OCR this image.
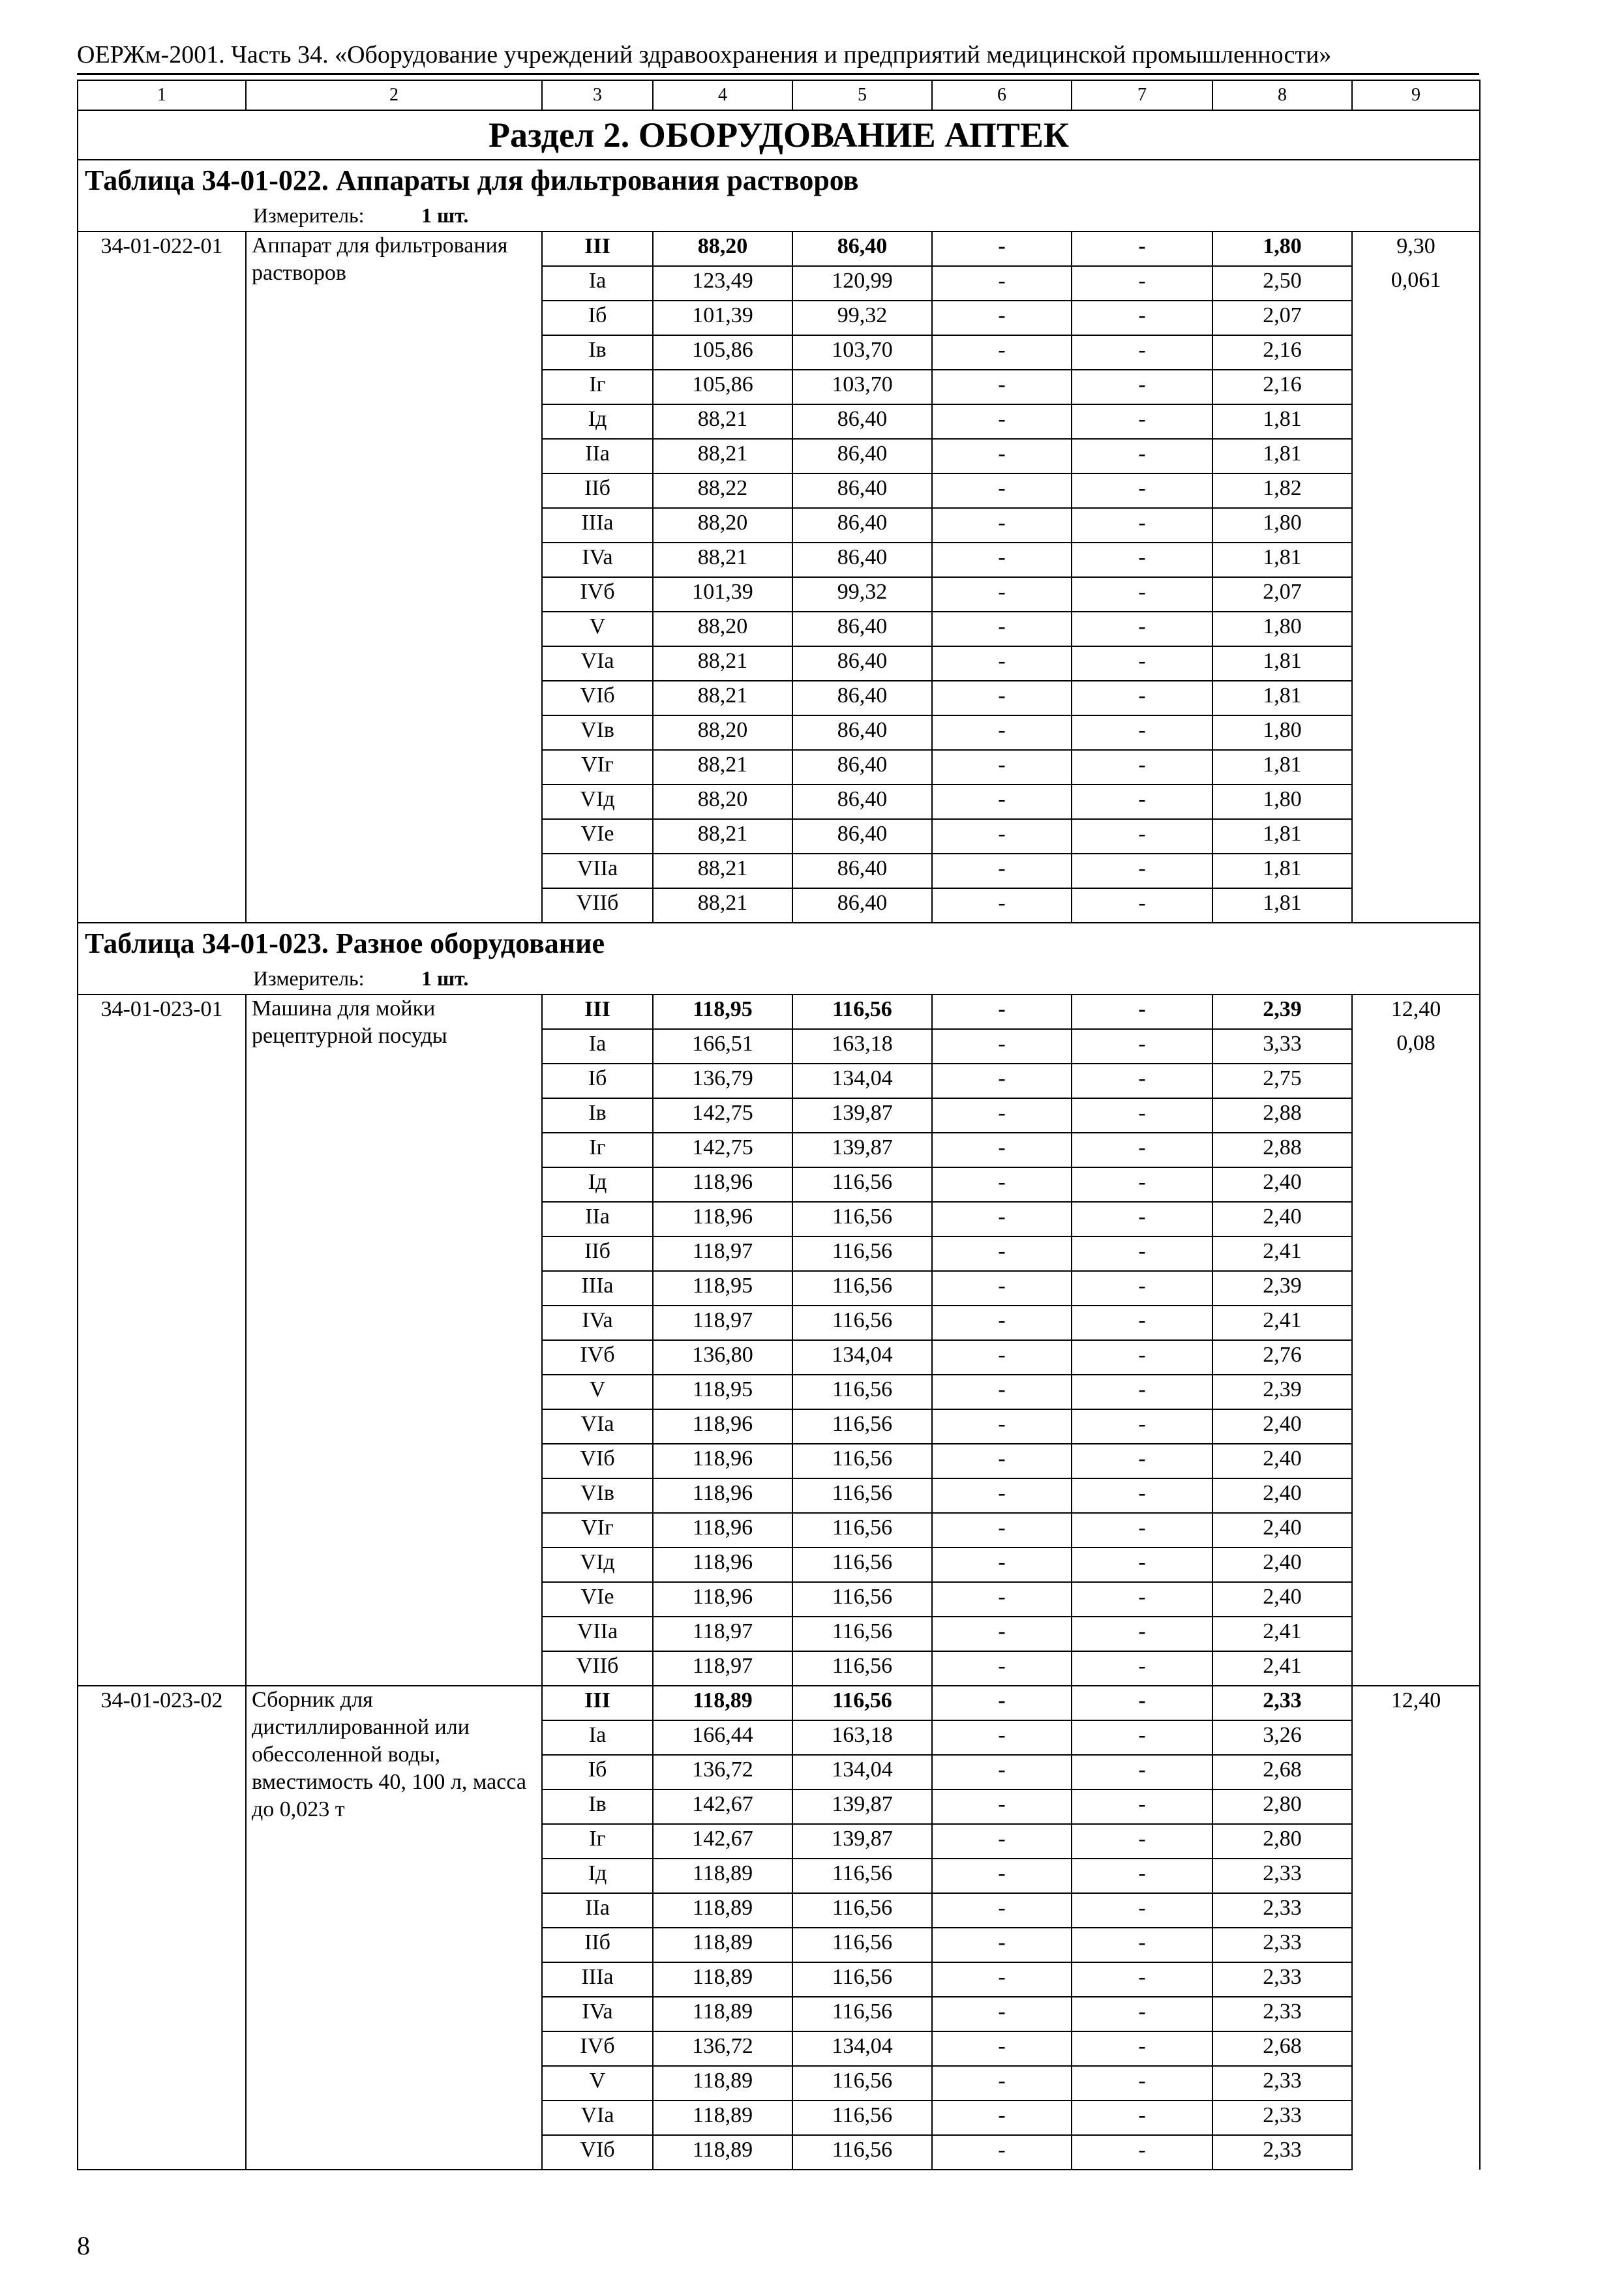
ОЕРЖм-2001. Часть 34. «Оборудование учреждений здравоохранения и предприятий медицинской промышленности»
1	2	3	4	5	6	7	8	9
Раздел 2. ОБОРУДОВАНИЕ АПТЕК								
Таблица 34-01-022. Аппараты для фильтрования растворов								
Измеритель: 1 шт.								
34-01-022-01	Аппарат для фильтрования растворов	III	88,20	86,40	-	-	1,80	9,30
		Ia	123,49	120,99	-	-	2,50	0,061
		Iб	101,39	99,32	-	-	2,07	
		Iв	105,86	103,70	-	-	2,16	
		Iг	105,86	103,70	-	-	2,16	
		Iд	88,21	86,40	-	-	1,81	
		IIa	88,21	86,40	-	-	1,81	
		IIб	88,22	86,40	-	-	1,82	
		IIIa	88,20	86,40	-	-	1,80	
		IVa	88,21	86,40	-	-	1,81	
		IVб	101,39	99,32	-	-	2,07	
		V	88,20	86,40	-	-	1,80	
		VIa	88,21	86,40	-	-	1,81	
		VIб	88,21	86,40	-	-	1,81	
		VIв	88,20	86,40	-	-	1,80	
		VIг	88,21	86,40	-	-	1,81	
		VIд	88,20	86,40	-	-	1,80	
		VIe	88,21	86,40	-	-	1,81	
		VIIa	88,21	86,40	-	-	1,81	
		VIIб	88,21	86,40	-	-	1,81	
Таблица 34-01-023. Разное оборудование								
Измеритель: 1 шт.								
34-01-023-01	Машина для мойки рецептурной посуды	III	118,95	116,56	-	-	2,39	12,40
		Ia	166,51	163,18	-	-	3,33	0,08
		Iб	136,79	134,04	-	-	2,75	
		Iв	142,75	139,87	-	-	2,88	
		Iг	142,75	139,87	-	-	2,88	
		Iд	118,96	116,56	-	-	2,40	
		IIa	118,96	116,56	-	-	2,40	
		IIб	118,97	116,56	-	-	2,41	
		IIIa	118,95	116,56	-	-	2,39	
		IVa	118,97	116,56	-	-	2,41	
		IVб	136,80	134,04	-	-	2,76	
		V	118,95	116,56	-	-	2,39	
		VIa	118,96	116,56	-	-	2,40	
		VIб	118,96	116,56	-	-	2,40	
		VIв	118,96	116,56	-	-	2,40	
		VIг	118,96	116,56	-	-	2,40	
		VIд	118,96	116,56	-	-	2,40	
		VIe	118,96	116,56	-	-	2,40	
		VIIa	118,97	116,56	-	-	2,41	
		VIIб	118,97	116,56	-	-	2,41	
34-01-023-02	Сборник для дистиллированной или обессоленной воды, вместимость 40, 100 л, масса до 0,023 т	III	118,89	116,56	-	-	2,33	12,40
		Ia	166,44	163,18	-	-	3,26	
		Iб	136,72	134,04	-	-	2,68	
		Iв	142,67	139,87	-	-	2,80	
		Iг	142,67	139,87	-	-	2,80	
		Iд	118,89	116,56	-	-	2,33	
		IIa	118,89	116,56	-	-	2,33	
		IIб	118,89	116,56	-	-	2,33	
		IIIa	118,89	116,56	-	-	2,33	
		IVa	118,89	116,56	-	-	2,33	
		IVб	136,72	134,04	-	-	2,68	
		V	118,89	116,56	-	-	2,33	
		VIa	118,89	116,56	-	-	2,33	
		VIб	118,89	116,56	-	-	2,33	
8
